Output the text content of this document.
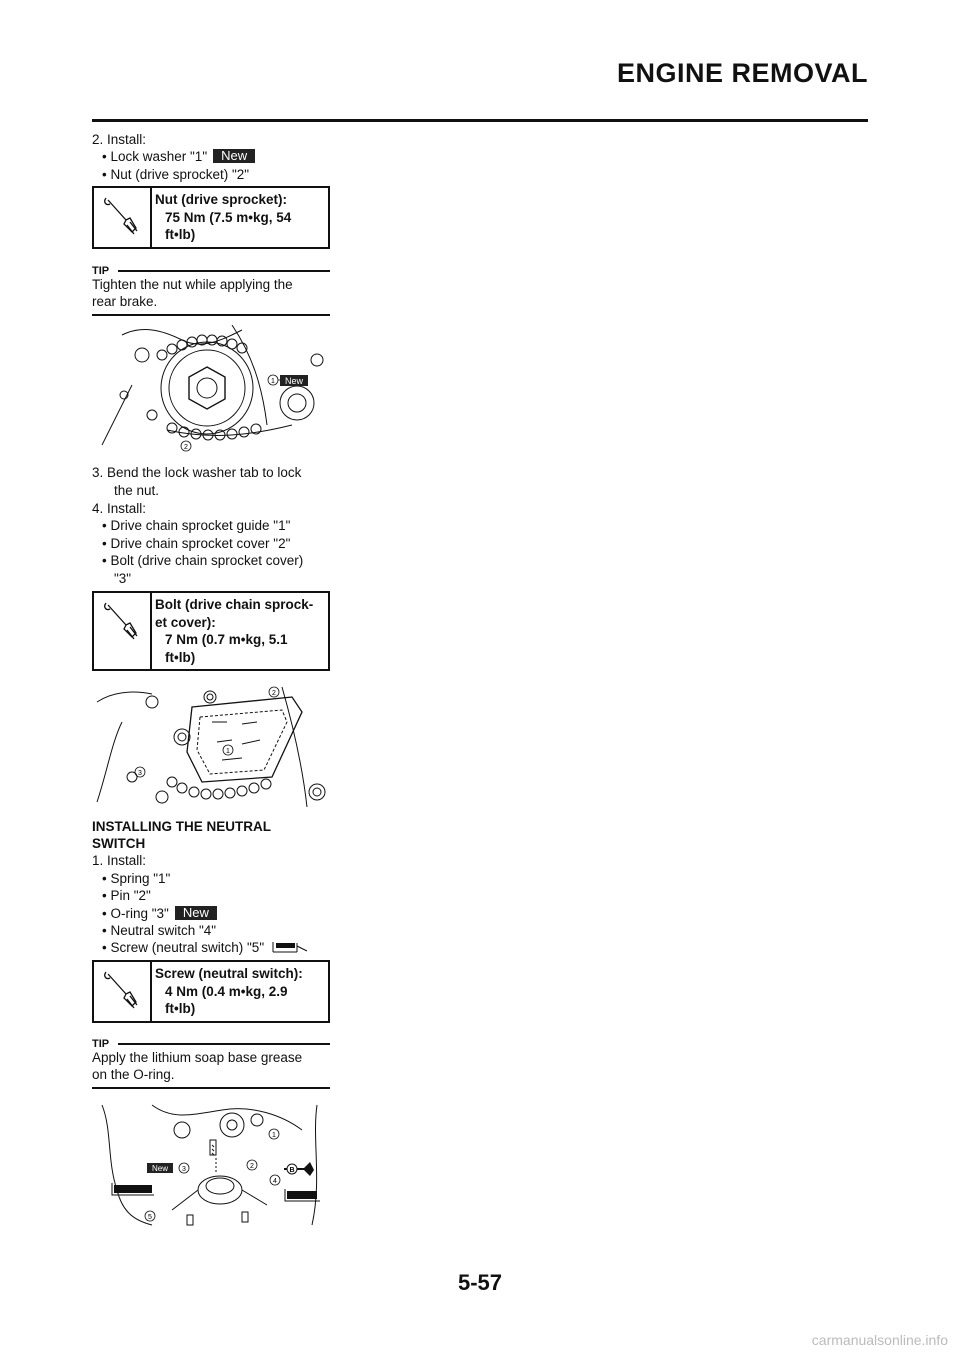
ENGINE REMOVAL
2. Install:
• Lock washer "1" New
• Nut (drive sprocket) "2"
Nut (drive sprocket):
75 Nm (7.5 m•kg, 54
ft•lb)
TIP
Tighten the nut while applying the
rear brake.
New
1
2
3. Bend the lock washer tab to lock
the nut.
4. Install:
• Drive chain sprocket guide "1"
• Drive chain sprocket cover "2"
• Bolt (drive chain sprocket cover)
"3"
Bolt (drive chain sprock-
et cover):
7 Nm (0.7 m•kg, 5.1
ft•lb)
2
3
1
INSTALLING THE NEUTRAL
SWITCH
1. Install:
• Spring "1"
• Pin "2"
• O-ring "3" New
• Neutral switch "4"
• Screw (neutral switch) "5"
Screw (neutral switch):
4 Nm (0.4 m•kg, 2.9
ft•lb)
TIP
Apply the lithium soap base grease
on the O-ring.
B
New
1
2
3
4
5
5-57
carmanualsonline.info
